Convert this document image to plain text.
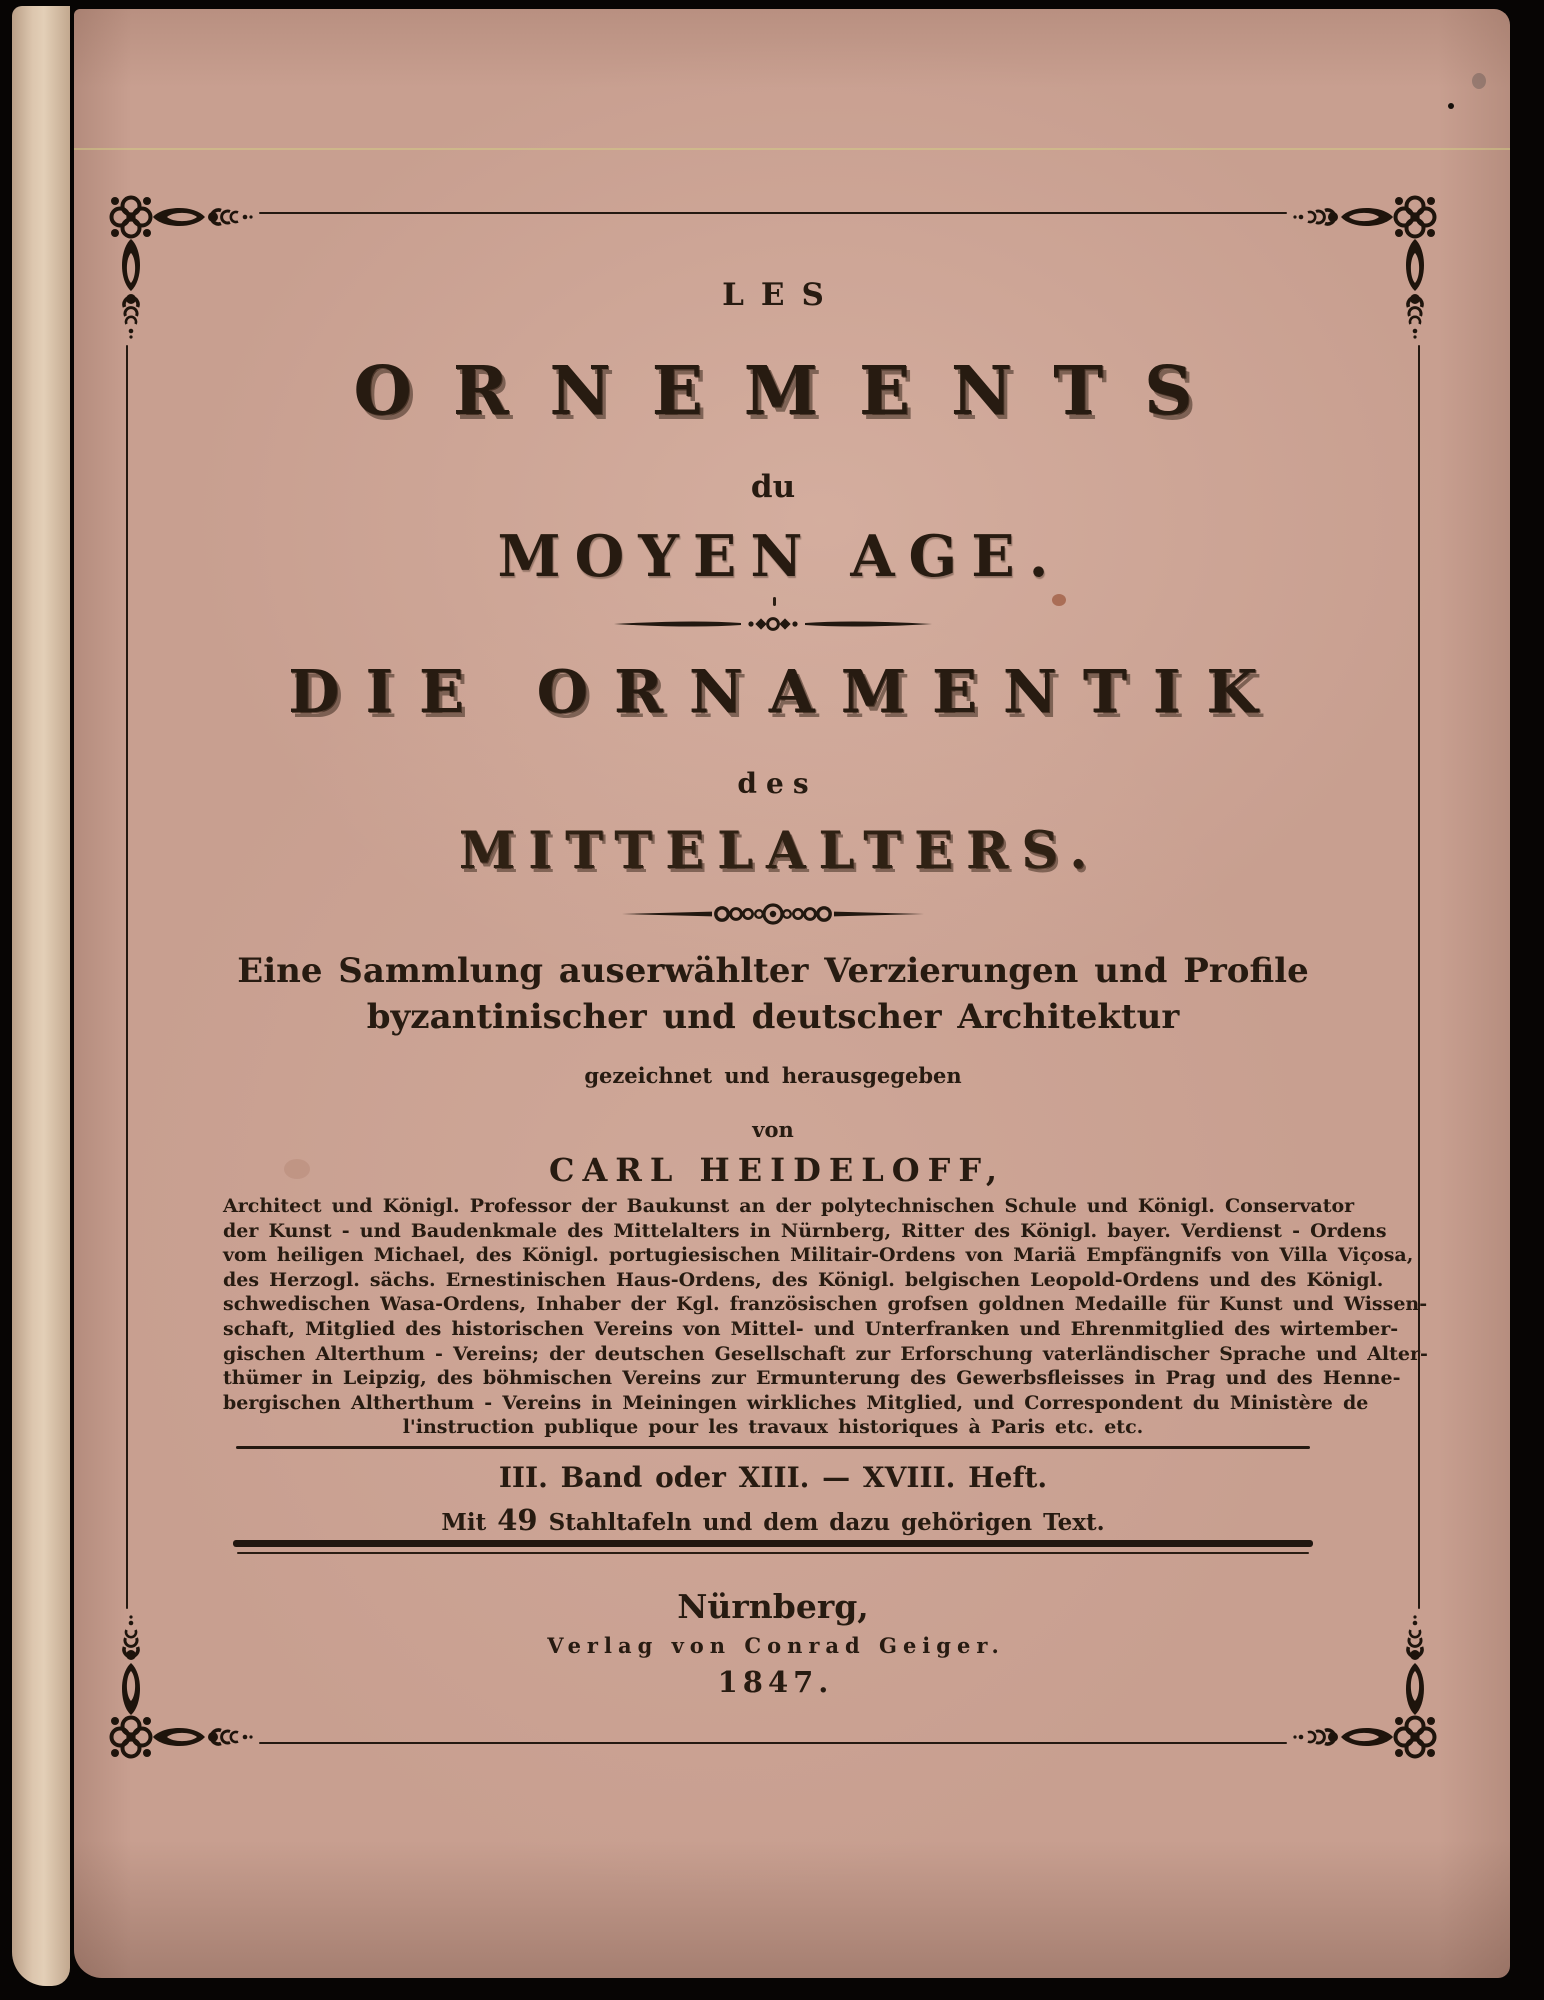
LES
ORNEMENTS
du
MOYEN AGE.
DIE ORNAMENTIK
des
MITTELALTERS.
Eine Sammlung auserwählter Verzierungen und Profile
byzantinischer und deutscher Architektur
gezeichnet und herausgegeben
von
CARL HEIDELOFF,
Architect und Königl. Professor der Baukunst an der polytechnischen Schule und Königl. Conservator
der Kunst - und Baudenkmale des Mittelalters in Nürnberg, Ritter des Königl. bayer. Verdienst - Ordens
vom heiligen Michael, des Königl. portugiesischen Militair-Ordens von Mariä Empfängnifs von Villa Viçosa,
des Herzogl. sächs. Ernestinischen Haus-Ordens, des Königl. belgischen Leopold-Ordens und des Königl.
schwedischen Wasa-Ordens, Inhaber der Kgl. französischen grofsen goldnen Medaille für Kunst und Wissen-
schaft, Mitglied des historischen Vereins von Mittel- und Unterfranken und Ehrenmitglied des wirtember-
gischen Alterthum - Vereins; der deutschen Gesellschaft zur Erforschung vaterländischer Sprache und Alter-
thümer in Leipzig, des böhmischen Vereins zur Ermunterung des Gewerbsfleisses in Prag und des Henne-
bergischen Altherthum - Vereins in Meiningen wirkliches Mitglied, und Correspondent du Ministère de
l'instruction publique pour les travaux historiques à Paris etc. etc.
III. Band oder XIII. — XVIII. Heft.
Mit 49 Stahltafeln und dem dazu gehörigen Text.
Nürnberg,
Verlag von Conrad Geiger.
1847.
